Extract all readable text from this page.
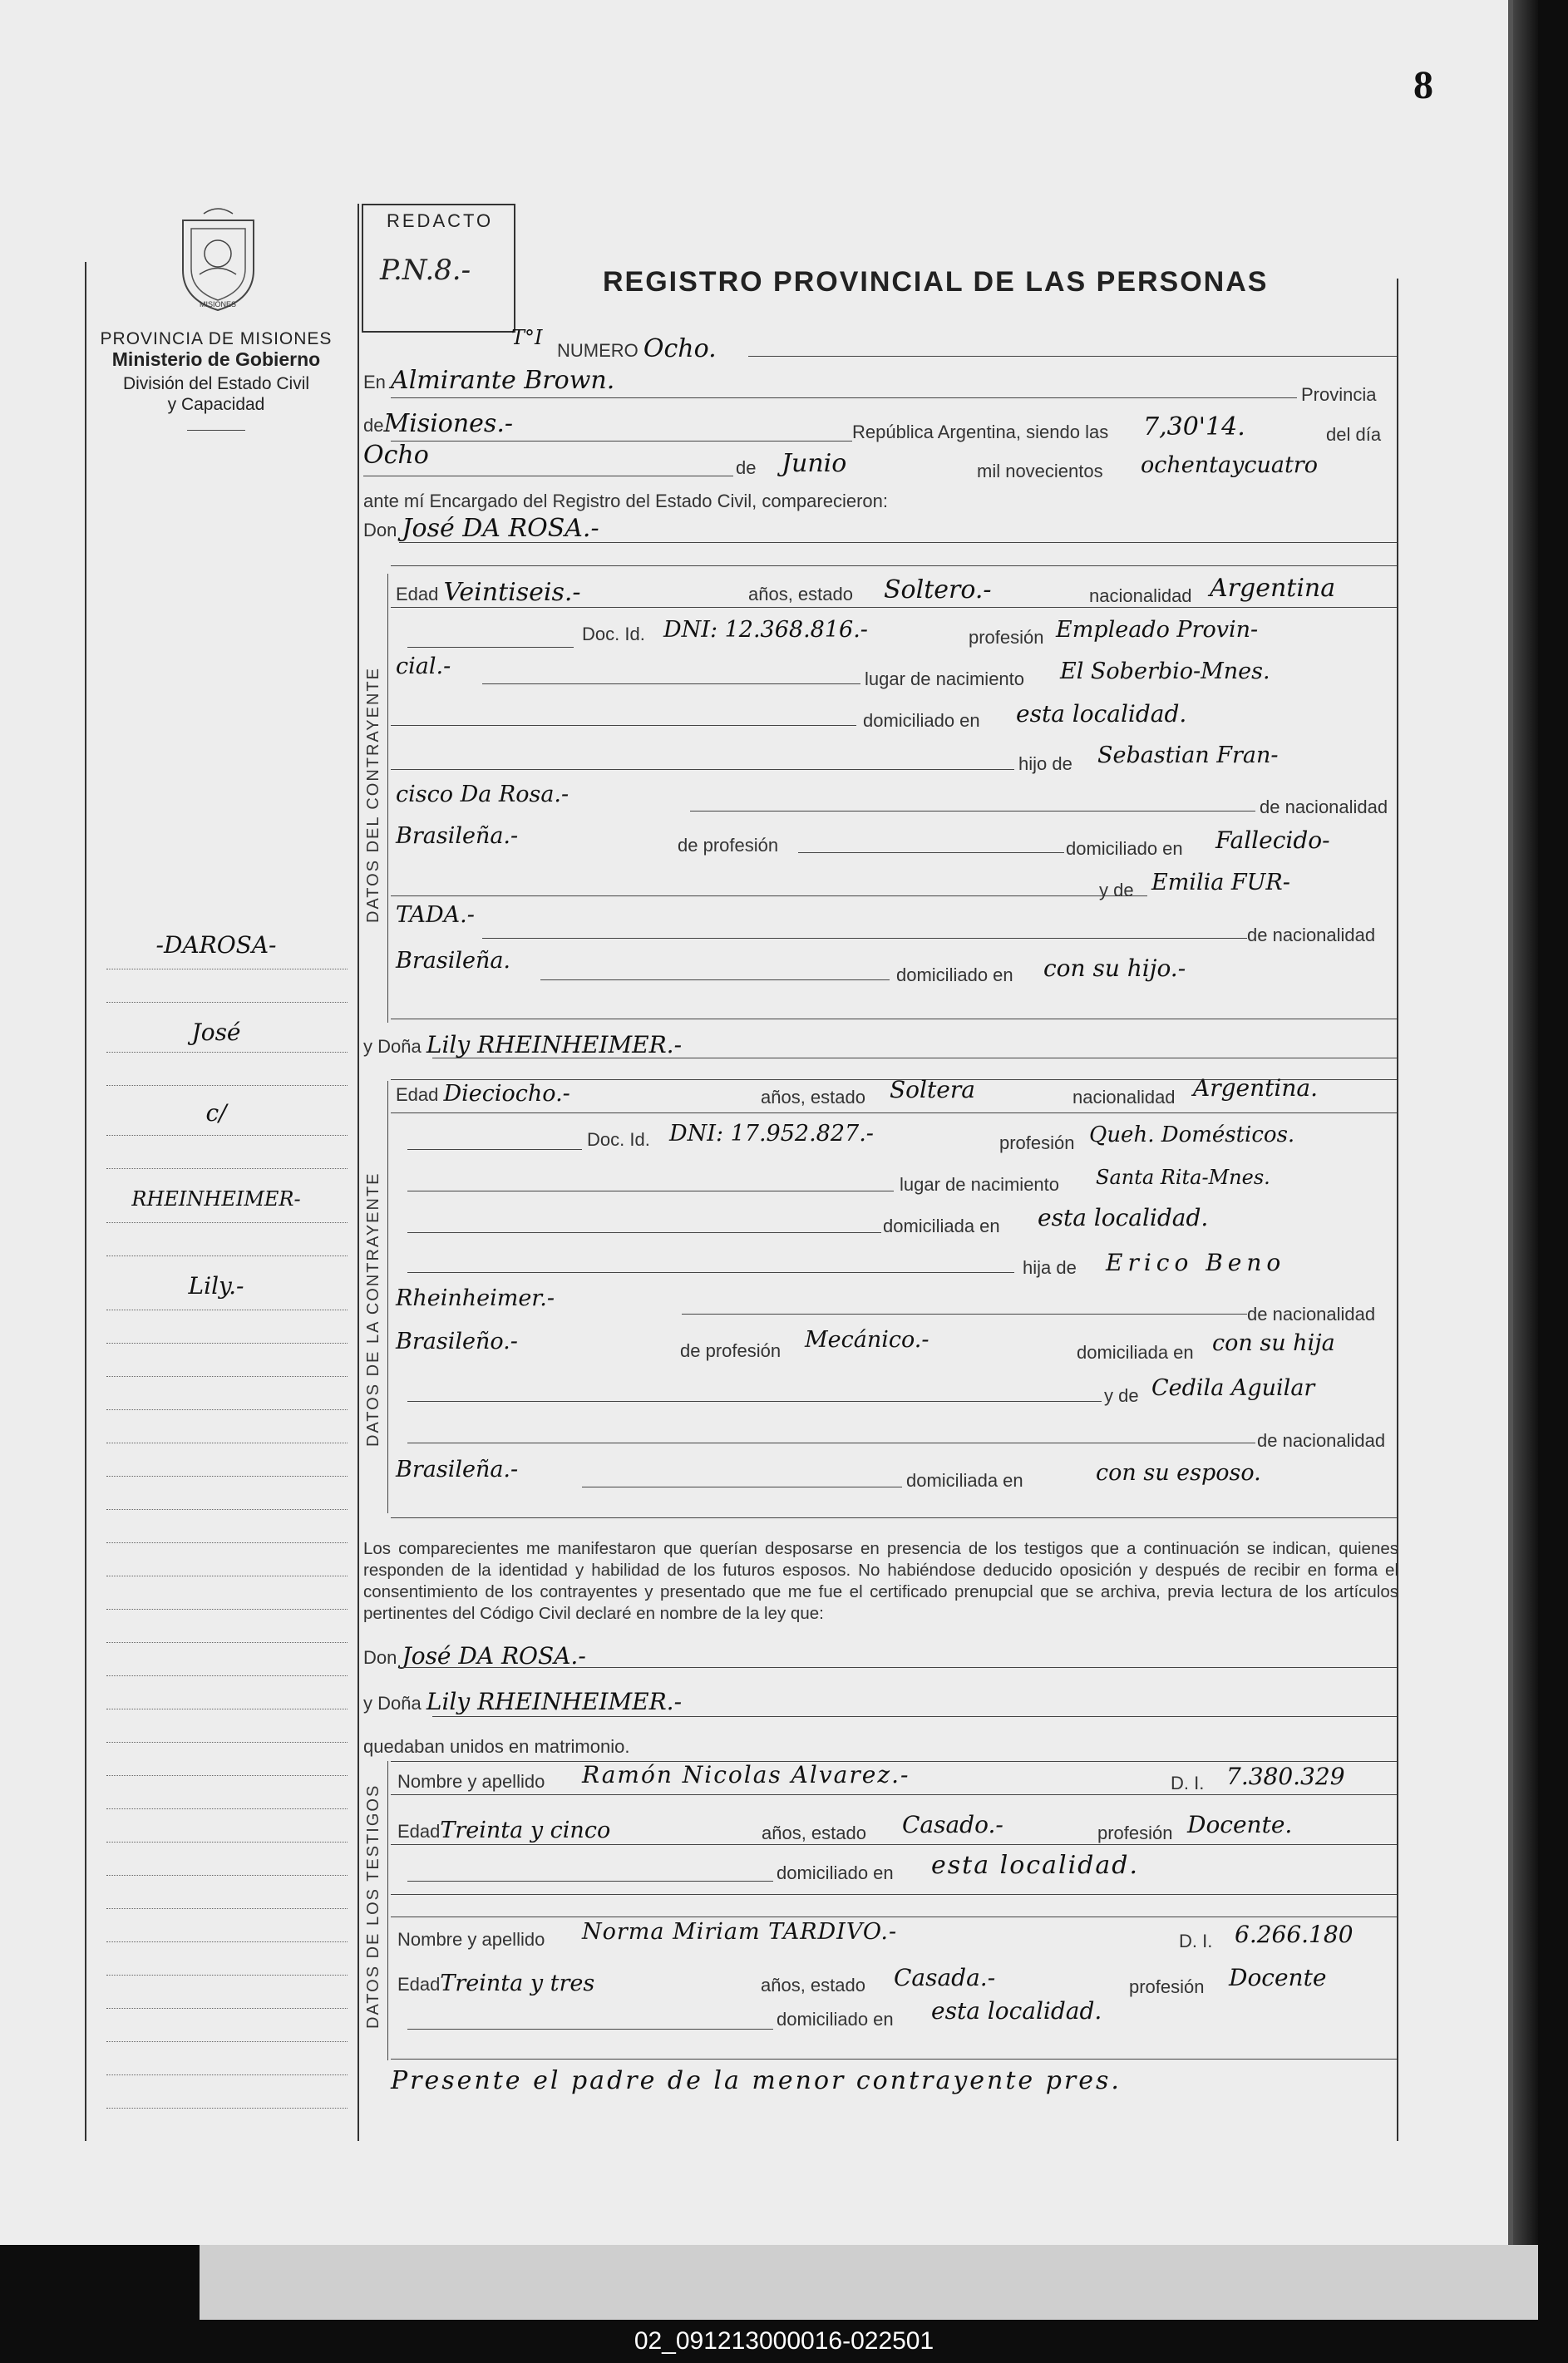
02_091213000016-022501
8
MISIONES
PROVINCIA DE MISIONES
Ministerio de Gobierno
División del Estado Civil
y Capacidad
REDACTO
P.N.8.-	REGISTRO PROVINCIAL DE LAS PERSONAS
T°I
NUMERO Ocho.
En Almirante Brown.	Provincia
deMisiones.-	República Argentina, siendo las 7,30'14.	del día
Ocho	de Junio	mil novecientos ochentaycuatro
ante mí Encargado del Registro del Estado Civil, comparecieron:
Don José DA ROSA.-
DATOS DEL CONTRAYENTE
Edad Veintiseis.-	años, estado Soltero.-	nacionalidad Argentina
Doc. Id. DNI: 12.368.816.-	profesión Empleado Provin-
cial.-	lugar de nacimiento El Soberbio-Mnes.
domiciliado en esta localidad.
hijo de Sebastian Fran-
cisco Da Rosa.-	de nacionalidad
Brasileña.-	de profesión	domiciliado en Fallecido-
y de Emilia FUR-
TADA.-
de nacionalidad
Brasileña.
domiciliado en con su hijo.-
y Doña Lily RHEINHEIMER.-
DATOS DE LA CONTRAYENTE
Edad Dieciocho.-	años, estado Soltera	nacionalidad Argentina.
Doc. Id. DNI: 17.952.827.-	profesión Queh. Domésticos.
lugar de nacimiento Santa Rita-Mnes.
domiciliada en esta localidad.
hija de Erico Beno
Rheinheimer.-
de nacionalidad
Brasileño.-	de profesión Mecánico.-	domiciliada en con su hija
y de Cedila Aguilar
de nacionalidad
Brasileña.-	domiciliada en	con su esposo.
-DAROSA-
José
c/
RHEINHEIMER-
Lily.-
Los comparecientes me manifestaron que querían desposarse en presencia de los testigos que a continuación se indican, quienes responden de la identidad y habilidad de los futuros esposos. No habiéndose deducido oposición y después de recibir en forma el consentimiento de los contrayentes y presentado que me fue el certificado prenupcial que se archiva, previa lectura de los artículos pertinentes del Código Civil declaré en nombre de la ley que:
Don José DA ROSA.-
y Doña Lily RHEINHEIMER.-
quedaban unidos en matrimonio.
DATOS DE LOS TESTIGOS
Nombre y apellido Ramón Nicolas Alvarez.-	D. I. 7.380.329
EdadTreinta y cinco	años, estado Casado.-	profesión Docente.
domiciliado en esta localidad.
Nombre y apellido Norma Miriam TARDIVO.-	D. I. 6.266.180
EdadTreinta y tres	años, estado Casada.-	profesión Docente
domiciliado en esta localidad.
Presente el padre de la menor contrayente pres.
